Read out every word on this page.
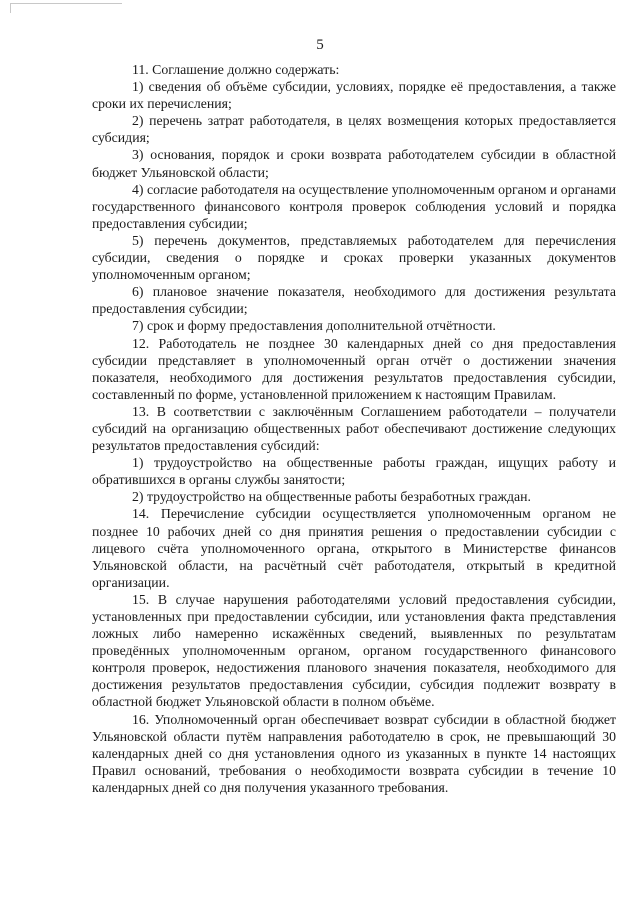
5

11. Соглашение должно содержать:

1) сведения об объёме субсидии, условиях, порядке её предоставления, а также сроки их перечисления;

2) перечень затрат работодателя, в целях возмещения которых предоставляется субсидия;

3) основания, порядок и сроки возврата работодателем субсидии в областной бюджет Ульяновской области;

4) согласие работодателя на осуществление уполномоченным органом и органами государственного финансового контроля проверок соблюдения условий и порядка предоставления субсидии;

5) перечень документов, представляемых работодателем для перечисления субсидии, сведения о порядке и сроках проверки указанных документов уполномоченным органом;

6) плановое значение показателя, необходимого для достижения результата предоставления субсидии;

7) срок и форму предоставления дополнительной отчётности.

12. Работодатель не позднее 30 календарных дней со дня предоставления субсидии представляет в уполномоченный орган отчёт о достижении значения показателя, необходимого для достижения результатов предоставления субсидии, составленный по форме, установленной приложением к настоящим Правилам.

13. В соответствии с заключённым Соглашением работодатели – получатели субсидий на организацию общественных работ обеспечивают достижение следующих результатов предоставления субсидий:

1) трудоустройство на общественные работы граждан, ищущих работу и обратившихся в органы службы занятости;

2) трудоустройство на общественные работы безработных граждан.

14. Перечисление субсидии осуществляется уполномоченным органом не позднее 10 рабочих дней со дня принятия решения о предоставлении субсидии с лицевого счёта уполномоченного органа, открытого в Министерстве финансов Ульяновской области, на расчётный счёт работодателя, открытый в кредитной организации.

15. В случае нарушения работодателями условий предоставления субсидии, установленных при предоставлении субсидии, или установления факта представления ложных либо намеренно искажённых сведений, выявленных по результатам проведённых уполномоченным органом, органом государственного финансового контроля проверок, недостижения планового значения показателя, необходимого для достижения результатов предоставления субсидии, субсидия подлежит возврату в областной бюджет Ульяновской области в полном объёме.

16. Уполномоченный орган обеспечивает возврат субсидии в областной бюджет Ульяновской области путём направления работодателю в срок, не превышающий 30 календарных дней со дня установления одного из указанных в пункте 14 настоящих Правил оснований, требования о необходимости возврата субсидии в течение 10 календарных дней со дня получения указанного требования.
